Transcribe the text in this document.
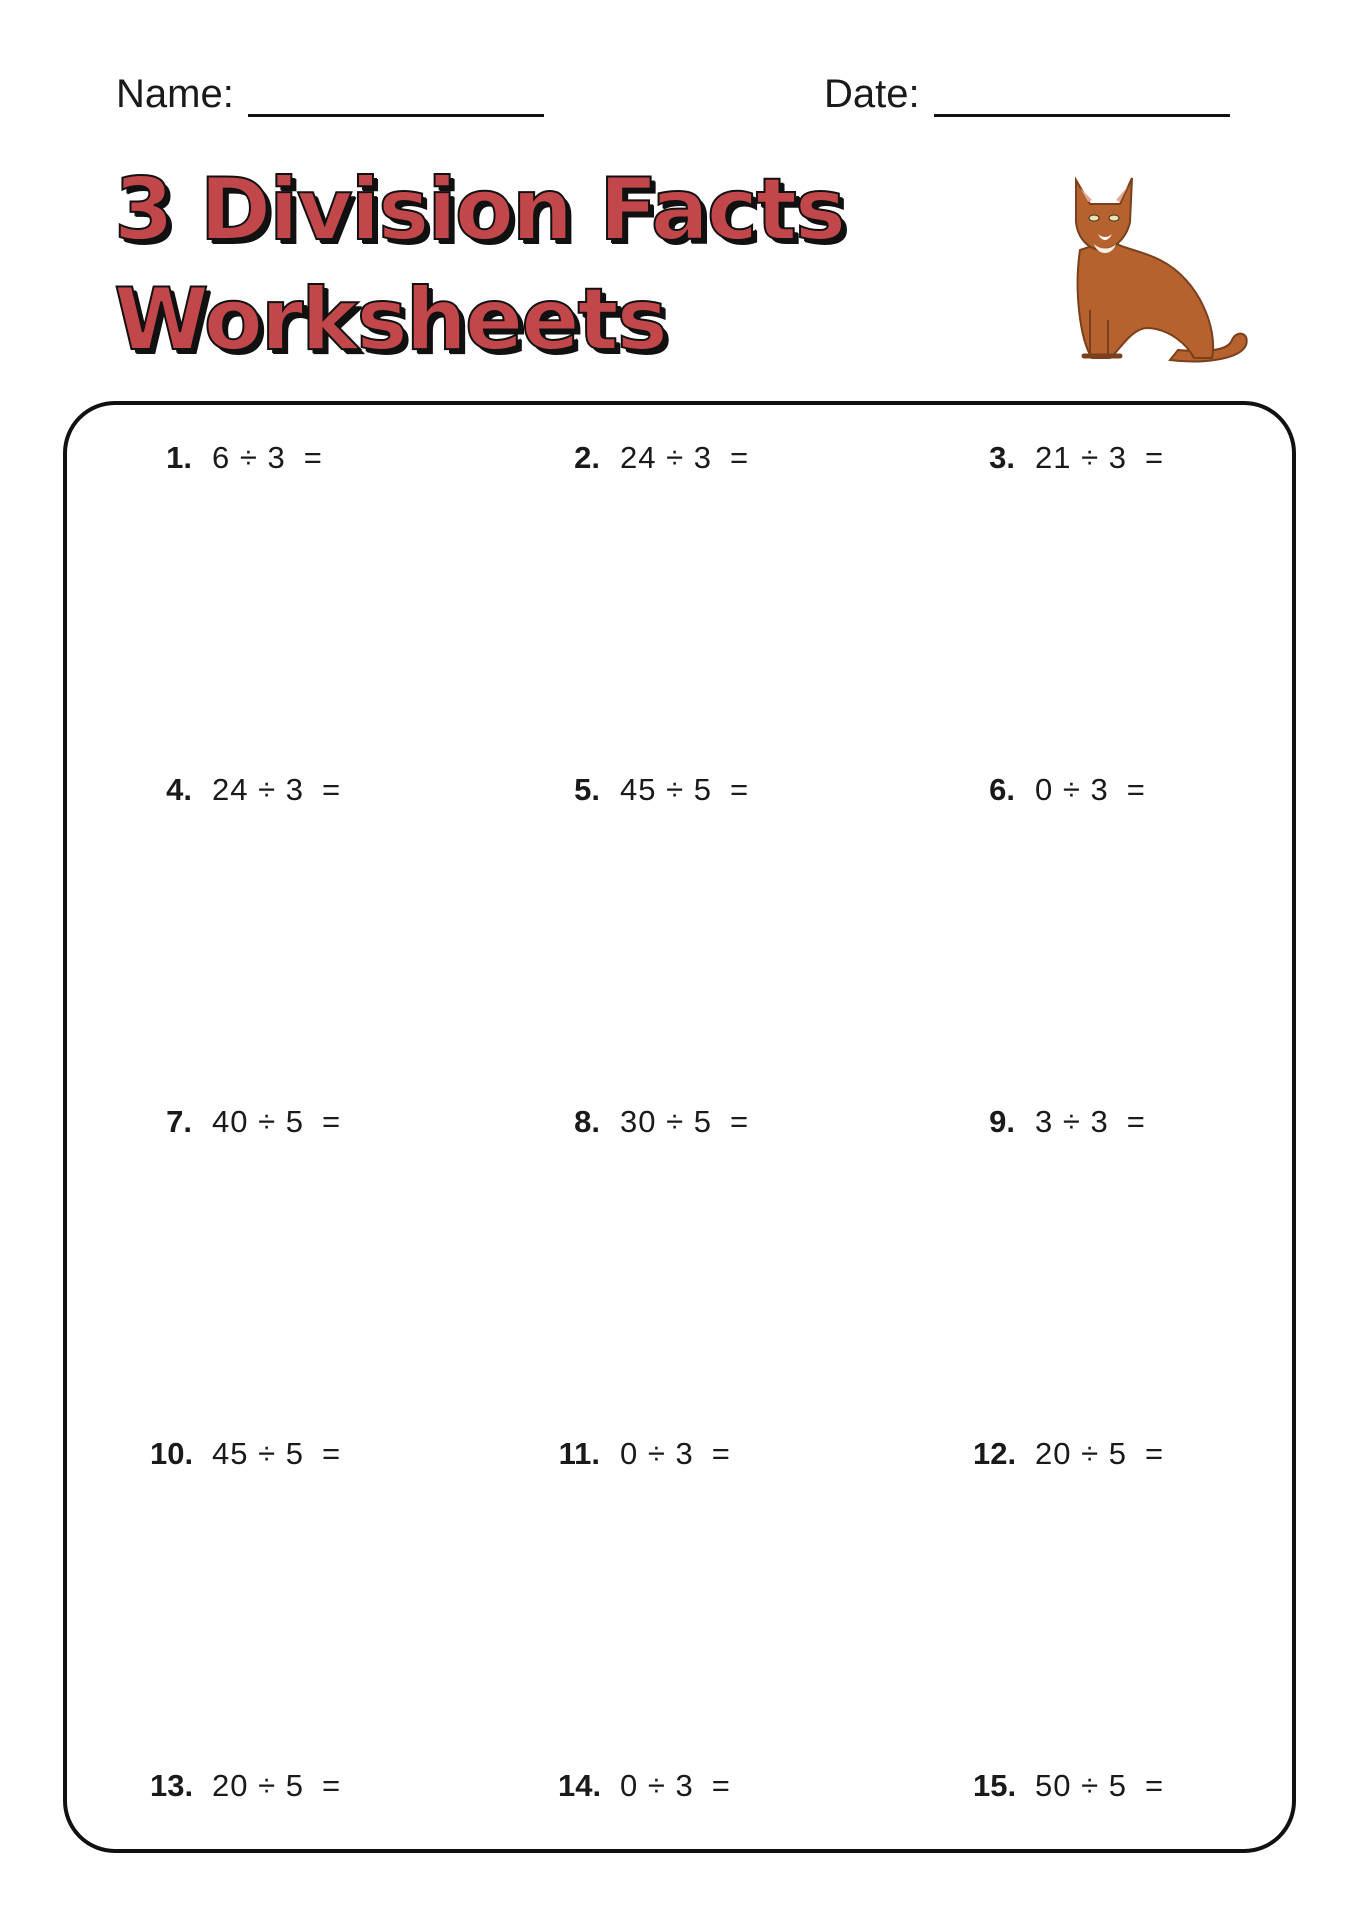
Name:	Date:
3 Division Facts
Worksheets
1. 6 ÷ 3 =	2. 24 ÷ 3 =	3. 21 ÷ 3 =
4. 24 ÷ 3 =	5. 45 ÷ 5 =	6. 0 ÷ 3 =
7. 40 ÷ 5 =	8. 30 ÷ 5 =	9. 3 ÷ 3 =
10. 45 ÷ 5 =	11. 0 ÷ 3 =	12. 20 ÷ 5 =
13. 20 ÷ 5 =	14. 0 ÷ 3 =	15. 50 ÷ 5 =
